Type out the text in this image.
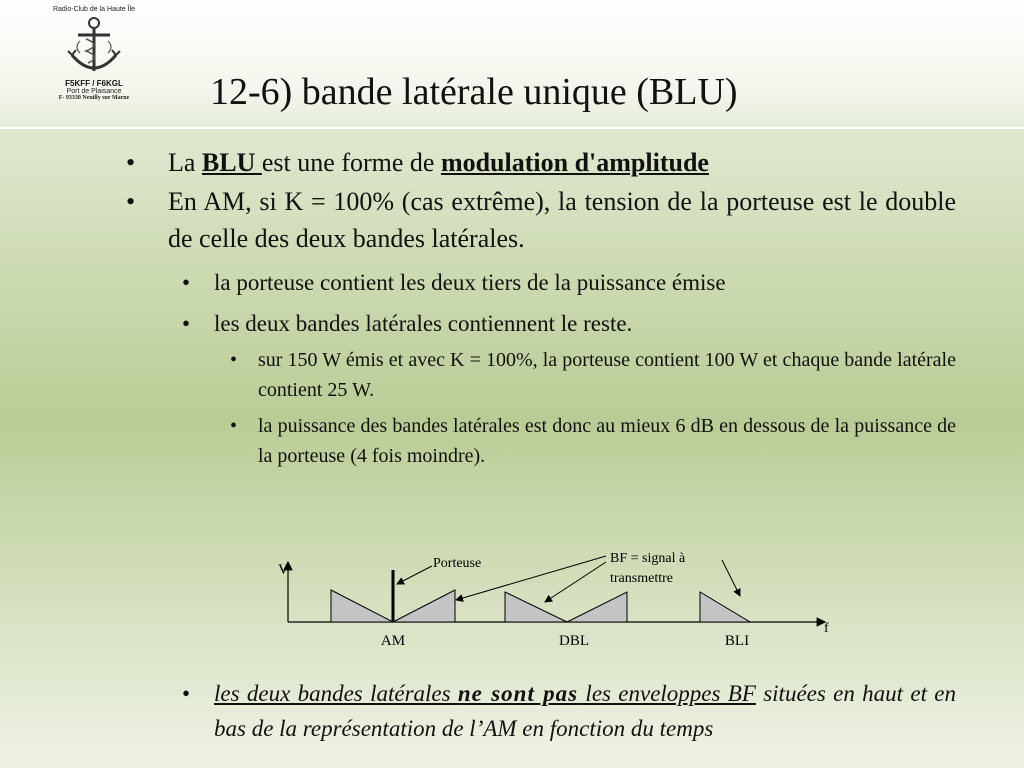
Radio-Club de la Haute Île
F5KFF / F6KGL
Port de Plaisance
F- 93330 Neuilly sur Marne	12-6) bande latérale unique (BLU)
• La BLU est une forme de modulation d'amplitude
• En AM, si K = 100% (cas extrême), la tension de la porteuse est le double de celle des deux bandes latérales.
• la porteuse contient les deux tiers de la puissance émise
• les deux bandes latérales contiennent le reste.
• sur 150 W émis et avec K = 100%, la porteuse contient 100 W et chaque bande latérale contient 25 W.
• la puissance des bandes latérales est donc au mieux 6 dB en dessous de la puissance de la porteuse (4 fois moindre).
V
f
Porteuse	BF = signal à
transmettre
AM	DBL	BLI
• les deux bandes latérales ne sont pas les enveloppes BF situées en haut et en bas de la représentation de l’AM en fonction du temps
